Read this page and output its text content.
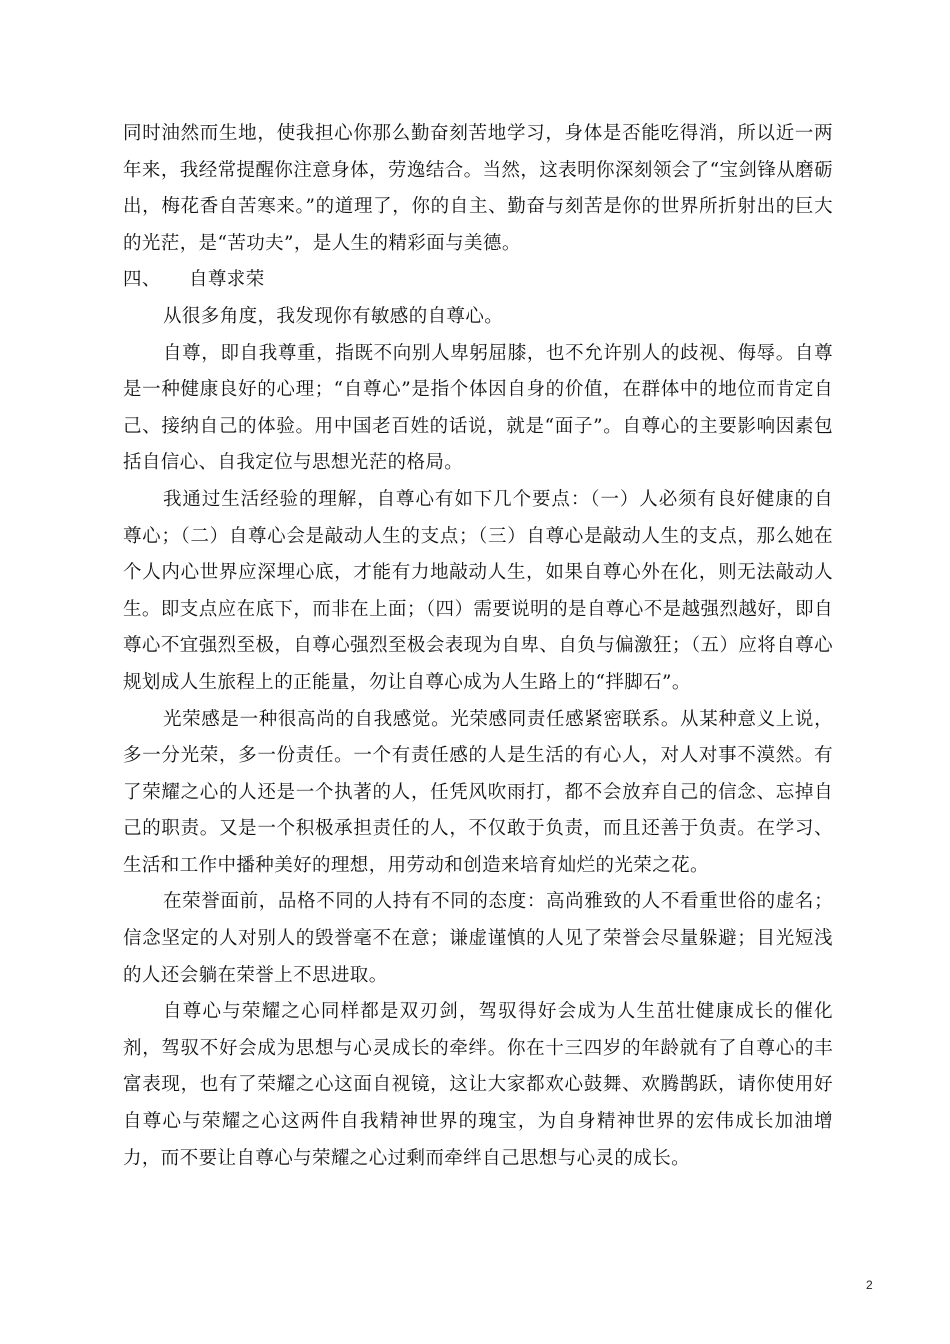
同时油然而生地，使我担心你那么勤奋刻苦地学习，身体是否能吃得消，所以近一两年来，我经常提醒你注意身体，劳逸结合。当然，这表明你深刻领会了“宝剑锋从磨砺出，梅花香自苦寒来。”的道理了，你的自主、勤奋与刻苦是你的世界所折射出的巨大的光茫，是“苦功夫”，是人生的精彩面与美德。

四、 自尊求荣

从很多角度，我发现你有敏感的自尊心。

自尊，即自我尊重，指既不向别人卑躬屈膝，也不允许别人的歧视、侮辱。自尊是一种健康良好的心理；“自尊心”是指个体因自身的价值，在群体中的地位而肯定自己、接纳自己的体验。用中国老百姓的话说，就是“面子”。自尊心的主要影响因素包括自信心、自我定位与思想光茫的格局。

我通过生活经验的理解，自尊心有如下几个要点：（一）人必须有良好健康的自尊心；（二）自尊心会是敲动人生的支点；（三）自尊心是敲动人生的支点，那么她在个人内心世界应深埋心底，才能有力地敲动人生，如果自尊心外在化，则无法敲动人生。即支点应在底下，而非在上面；（四）需要说明的是自尊心不是越强烈越好，即自尊心不宜强烈至极，自尊心强烈至极会表现为自卑、自负与偏激狂；（五）应将自尊心规划成人生旅程上的正能量，勿让自尊心成为人生路上的“拌脚石”。

光荣感是一种很高尚的自我感觉。光荣感同责任感紧密联系。从某种意义上说，多一分光荣，多一份责任。一个有责任感的人是生活的有心人，对人对事不漠然。有了荣耀之心的人还是一个执著的人，任凭风吹雨打，都不会放弃自己的信念、忘掉自己的职责。又是一个积极承担责任的人，不仅敢于负责，而且还善于负责。在学习、生活和工作中播种美好的理想，用劳动和创造来培育灿烂的光荣之花。

在荣誉面前，品格不同的人持有不同的态度：高尚雅致的人不看重世俗的虚名；信念坚定的人对别人的毁誉毫不在意；谦虚谨慎的人见了荣誉会尽量躲避；目光短浅的人还会躺在荣誉上不思进取。

自尊心与荣耀之心同样都是双刃剑，驾驭得好会成为人生茁壮健康成长的催化剂，驾驭不好会成为思想与心灵成长的牵绊。你在十三四岁的年龄就有了自尊心的丰富表现，也有了荣耀之心这面自视镜，这让大家都欢心鼓舞、欢腾鹊跃，请你使用好自尊心与荣耀之心这两件自我精神世界的瑰宝，为自身精神世界的宏伟成长加油增力，而不要让自尊心与荣耀之心过剩而牵绊自己思想与心灵的成长。

2
